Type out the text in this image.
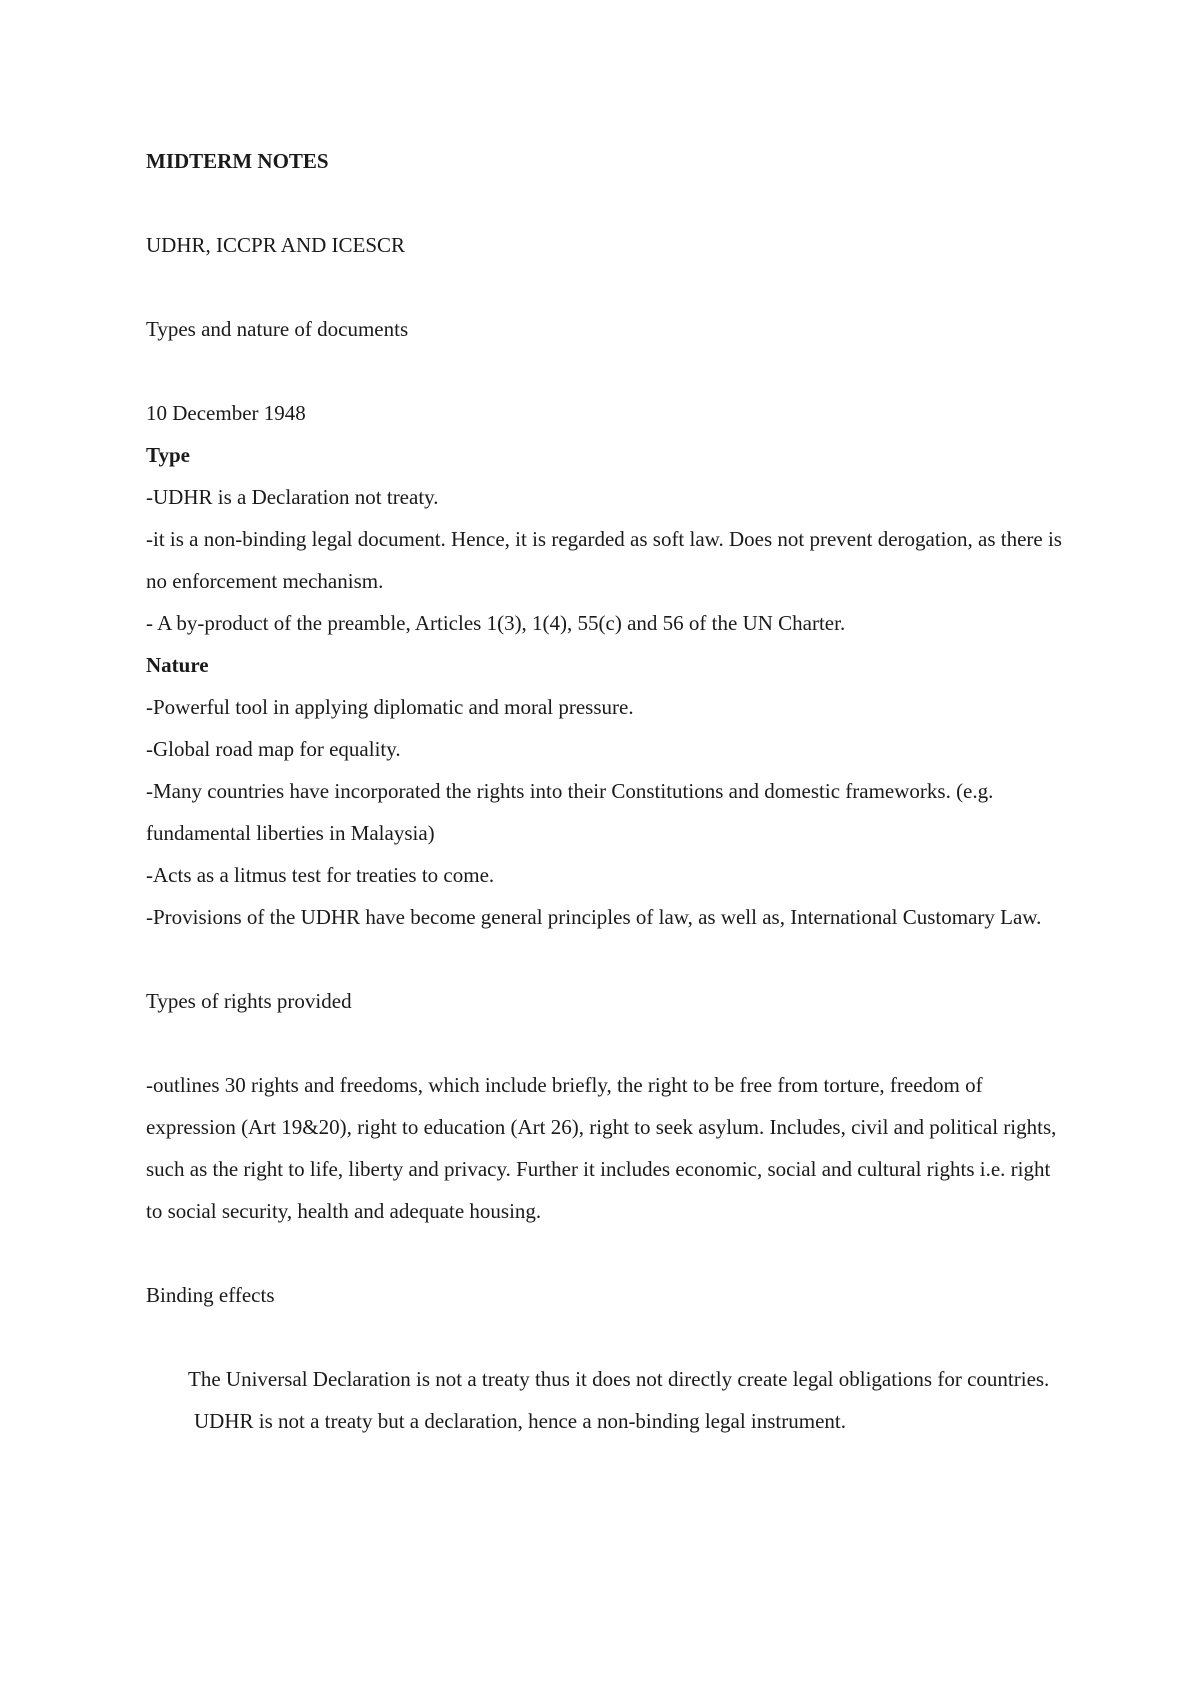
MIDTERM NOTES

UDHR, ICCPR AND ICESCR

Types and nature of documents

10 December 1948

Type

-UDHR is a Declaration not treaty.

-it is a non-binding legal document. Hence, it is regarded as soft law. Does not prevent derogation, as there is no enforcement mechanism.

- A by-product of the preamble, Articles 1(3), 1(4), 55(c) and 56 of the UN Charter.

Nature

-Powerful tool in applying diplomatic and moral pressure.

-Global road map for equality.

-Many countries have incorporated the rights into their Constitutions and domestic frameworks. (e.g. fundamental liberties in Malaysia)

-Acts as a litmus test for treaties to come.

-Provisions of the UDHR have become general principles of law, as well as, International Customary Law.

Types of rights provided

-outlines 30 rights and freedoms, which include briefly, the right to be free from torture, freedom of expression (Art 19&20), right to education (Art 26), right to seek asylum. Includes, civil and political rights, such as the right to life, liberty and privacy. Further it includes economic, social and cultural rights i.e. right to social security, health and adequate housing.

Binding effects

The Universal Declaration is not a treaty thus it does not directly create legal obligations for countries.

UDHR is not a treaty but a declaration, hence a non-binding legal instrument.
